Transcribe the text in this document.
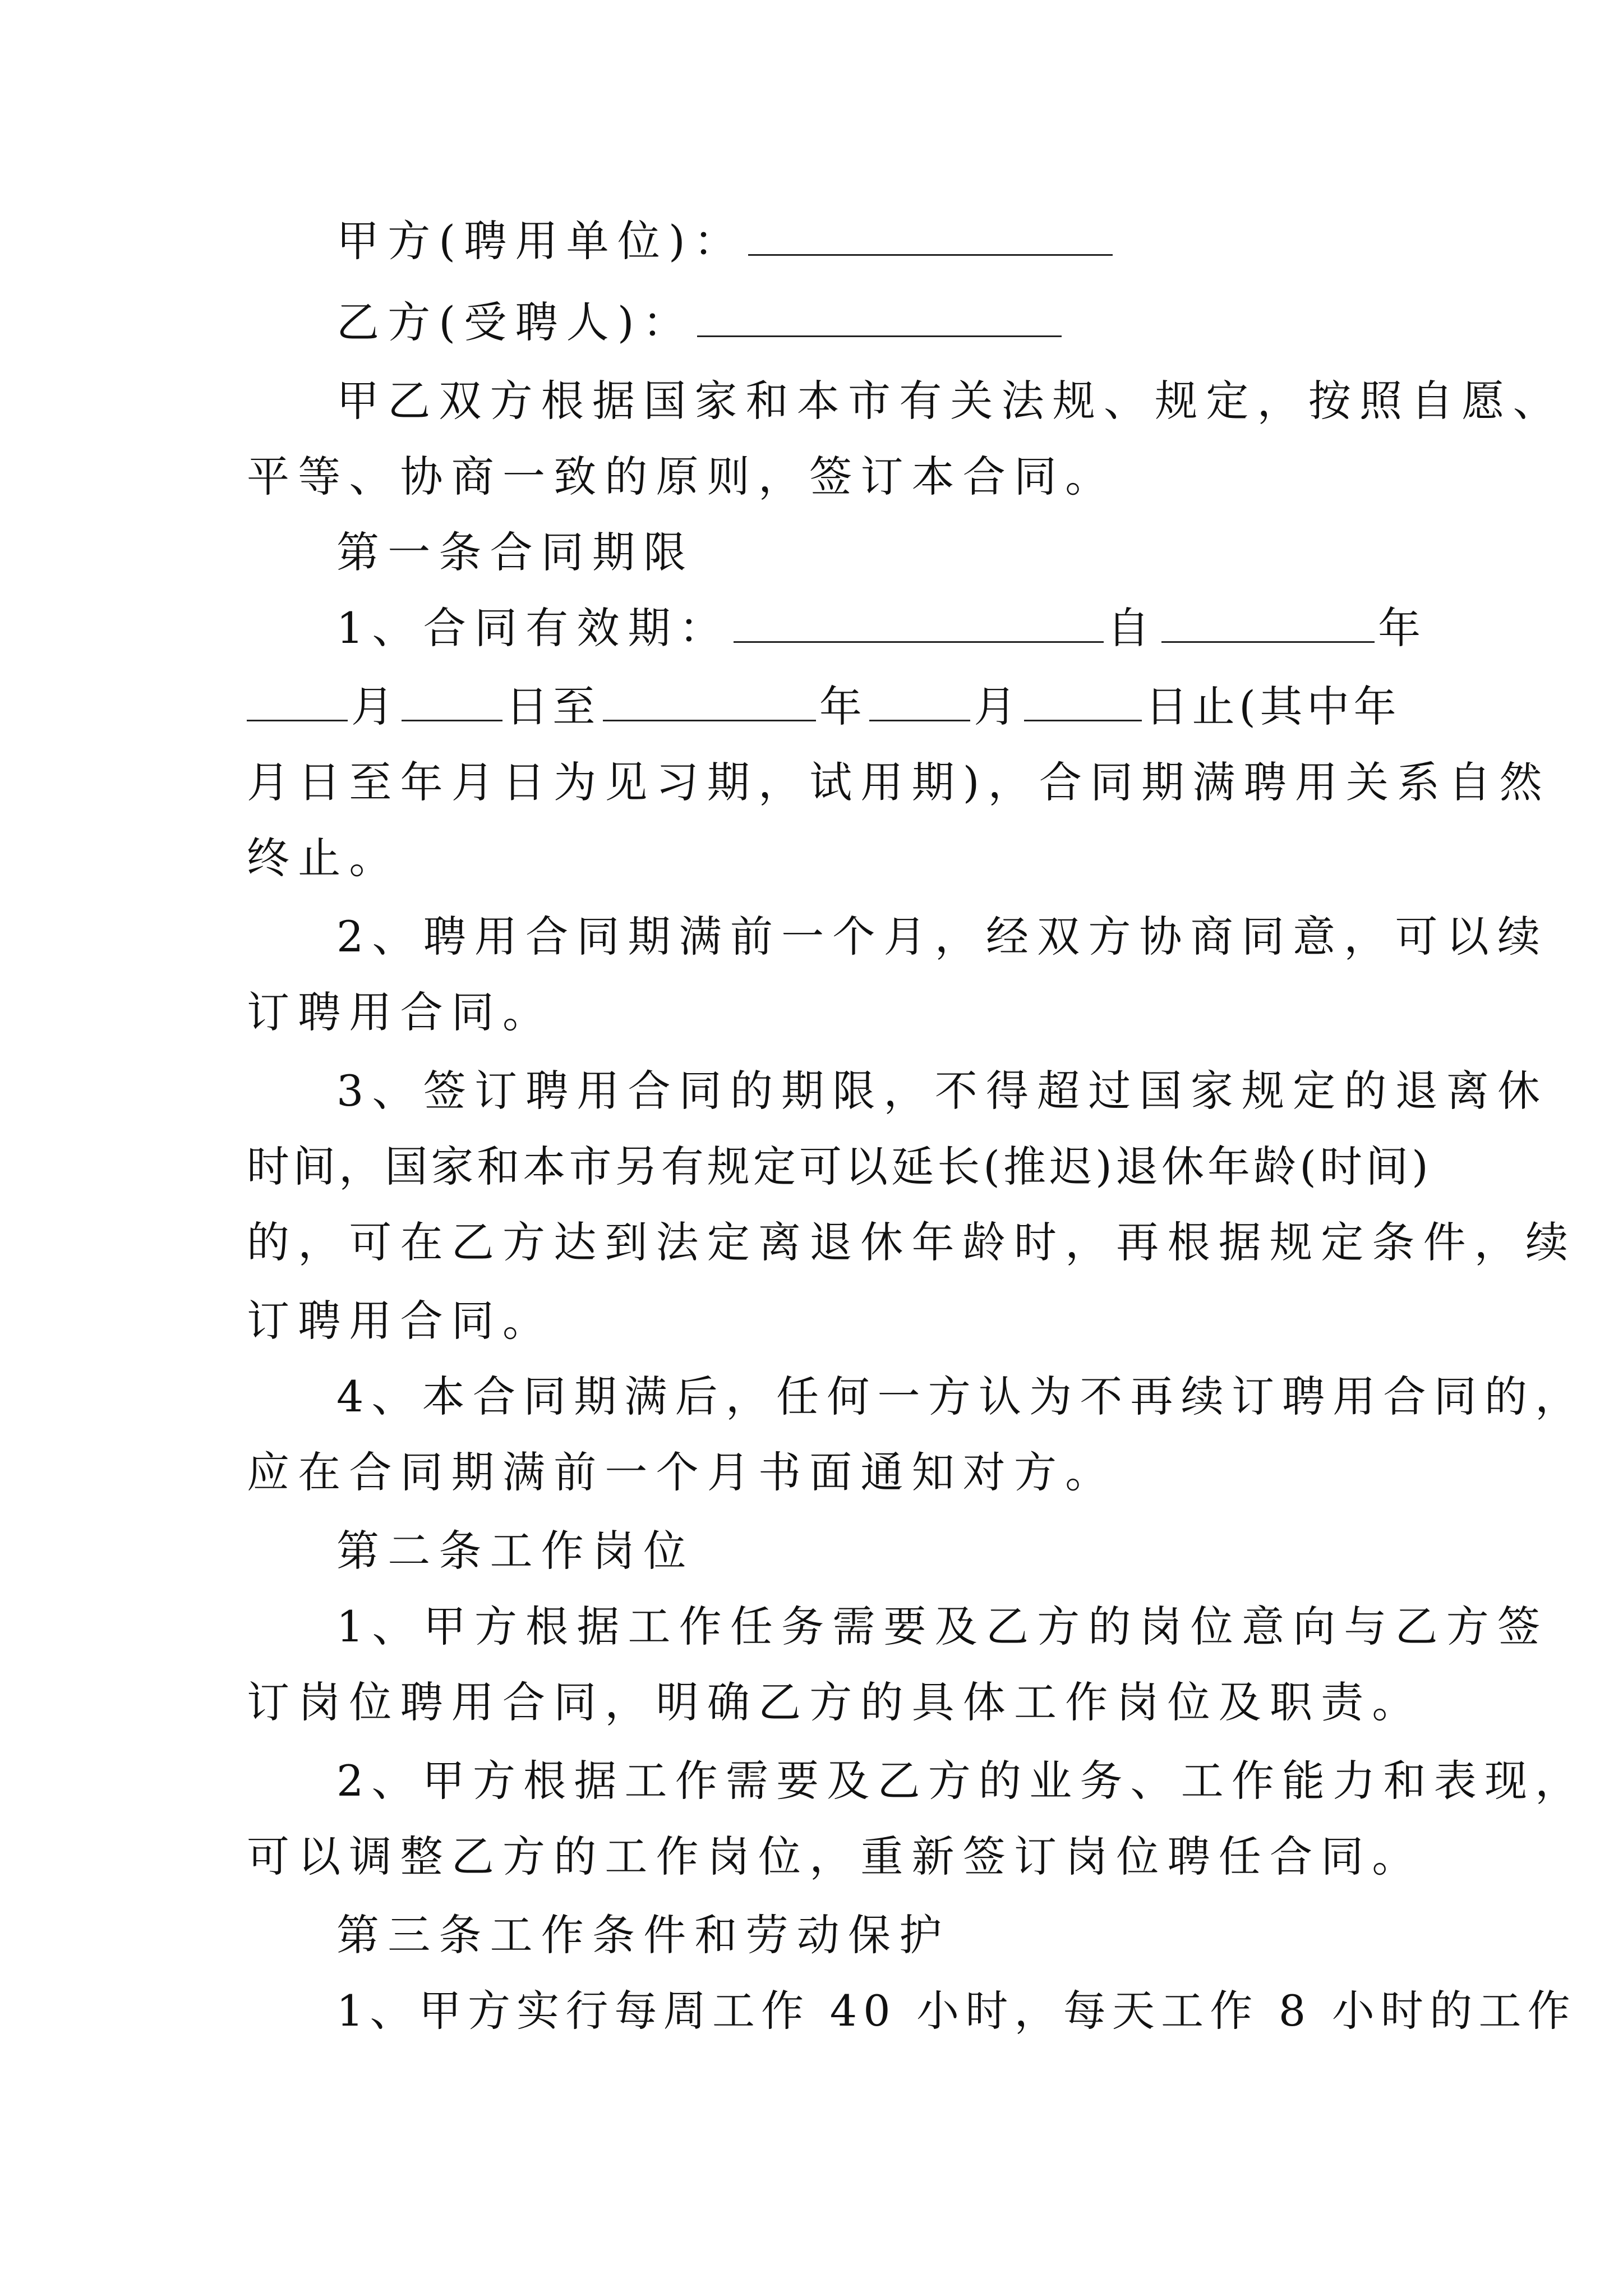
甲方(聘用单位)：
乙方(受聘人)：
甲乙双方根据国家和本市有关法规、规定，按照自愿、
平等、协商一致的原则，签订本合同。
第一条合同期限
1、合同有效期：	自	年
月	日至	年	月	日止(其中年
月日至年月日为见习期，试用期)，合同期满聘用关系自然
终止。
2、聘用合同期满前一个月，经双方协商同意，可以续
订聘用合同。
3、签订聘用合同的期限，不得超过国家规定的退离休
时间，国家和本市另有规定可以延长(推迟)退休年龄(时间)
的，可在乙方达到法定离退休年龄时，再根据规定条件，续
订聘用合同。
4、本合同期满后，任何一方认为不再续订聘用合同的，
应在合同期满前一个月书面通知对方。
第二条工作岗位
1、甲方根据工作任务需要及乙方的岗位意向与乙方签
订岗位聘用合同，明确乙方的具体工作岗位及职责。
2、甲方根据工作需要及乙方的业务、工作能力和表现，
可以调整乙方的工作岗位，重新签订岗位聘任合同。
第三条工作条件和劳动保护
1、甲方实行每周工作 40 小时，每天工作 8 小时的工作
